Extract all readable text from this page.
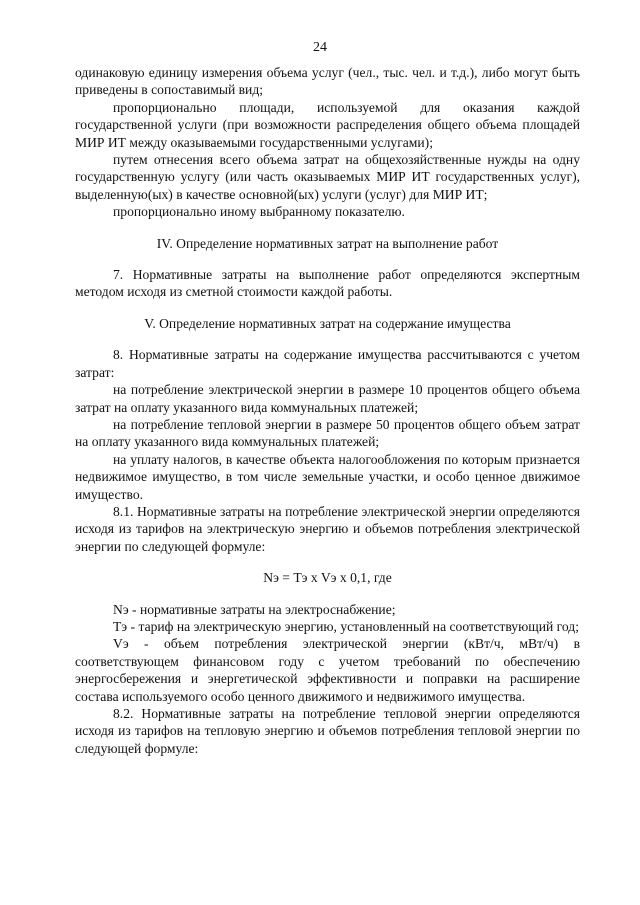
24

одинаковую единицу измерения объема услуг (чел., тыс. чел. и т.д.), либо могут быть приведены в сопоставимый вид;

пропорционально площади, используемой для оказания каждой государственной услуги (при возможности распределения общего объема площадей МИР ИТ между оказываемыми государственными услугами);

путем отнесения всего объема затрат на общехозяйственные нужды на одну государственную услугу (или часть оказываемых МИР ИТ государственных услуг), выделенную(ых) в качестве основной(ых) услуги (услуг) для МИР ИТ;

пропорционально иному выбранному показателю.

IV. Определение нормативных затрат на выполнение работ

7. Нормативные затраты на выполнение работ определяются экспертным методом исходя из сметной стоимости каждой работы.

V. Определение нормативных затрат на содержание имущества

8. Нормативные затраты на содержание имущества рассчитываются с учетом затрат:

на потребление электрической энергии в размере 10 процентов общего объема затрат на оплату указанного вида коммунальных платежей;

на потребление тепловой энергии в размере 50 процентов общего объем затрат на оплату указанного вида коммунальных платежей;

на уплату налогов, в качестве объекта налогообложения по которым признается недвижимое имущество, в том числе земельные участки, и особо ценное движимое имущество.

8.1. Нормативные затраты на потребление электрической энергии определяются исходя из тарифов на электрическую энергию и объемов потребления электрической энергии по следующей формуле:

Nэ = Tэ x Vэ x 0,1, где

Nэ - нормативные затраты на электроснабжение;

Tэ - тариф на электрическую энергию, установленный на соответствующий год;

Vэ - объем потребления электрической энергии (кВт/ч, мВт/ч) в соответствующем финансовом году с учетом требований по обеспечению энергосбережения и энергетической эффективности и поправки на расширение состава используемого особо ценного движимого и недвижимого имущества.

8.2. Нормативные затраты на потребление тепловой энергии определяются исходя из тарифов на тепловую энергию и объемов потребления тепловой энергии по следующей формуле:
